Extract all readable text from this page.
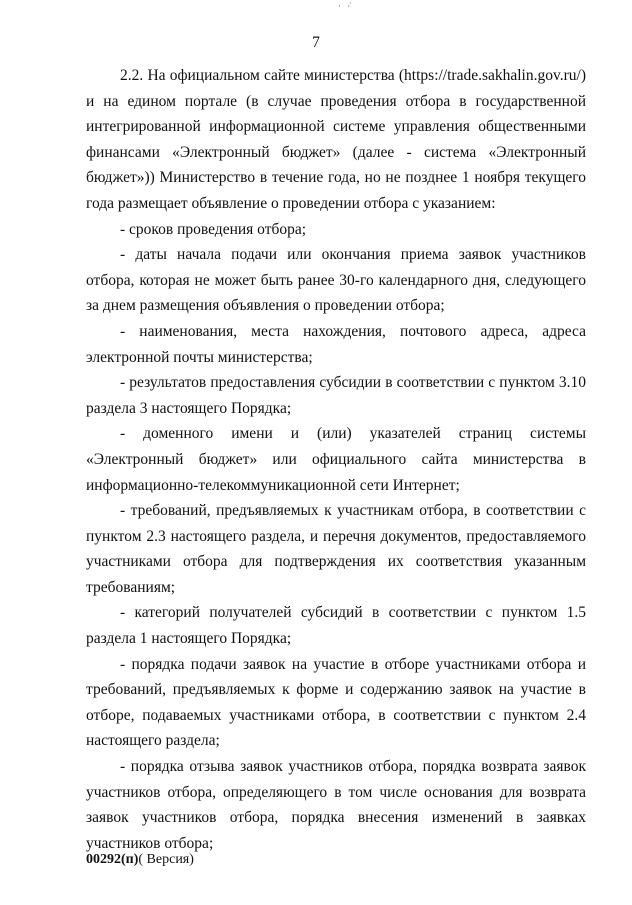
· ·̇
7

2.2. На официальном сайте министерства (https://trade.sakhalin.gov.ru/) и на едином портале (в случае проведения отбора в государственной интегрированной информационной системе управления общественными финансами «Электронный бюджет» (далее - система «Электронный бюджет»)) Министерство в течение года, но не позднее 1 ноября текущего года размещает объявление о проведении отбора с указанием:

- сроков проведения отбора;

- даты начала подачи или окончания приема заявок участников отбора, которая не может быть ранее 30-го календарного дня, следующего за днем размещения объявления о проведении отбора;

- наименования, места нахождения, почтового адреса, адреса электронной почты министерства;

- результатов предоставления субсидии в соответствии с пунктом 3.10 раздела 3 настоящего Порядка;

- доменного имени и (или) указателей страниц системы «Электронный бюджет» или официального сайта министерства в информационно-телекоммуникационной сети Интернет;

- требований, предъявляемых к участникам отбора, в соответствии с пунктом 2.3 настоящего раздела, и перечня документов, предоставляемого участниками отбора для подтверждения их соответствия указанным требованиям;

- категорий получателей субсидий в соответствии с пунктом 1.5 раздела 1 настоящего Порядка;

- порядка подачи заявок на участие в отборе участниками отбора и требований, предъявляемых к форме и содержанию заявок на участие в отборе, подаваемых участниками отбора, в соответствии с пунктом 2.4 настоящего раздела;

- порядка отзыва заявок участников отбора, порядка возврата заявок участников отбора, определяющего в том числе основания для возврата заявок участников отбора, порядка внесения изменений в заявках участников отбора;

00292(п)( Версия)
